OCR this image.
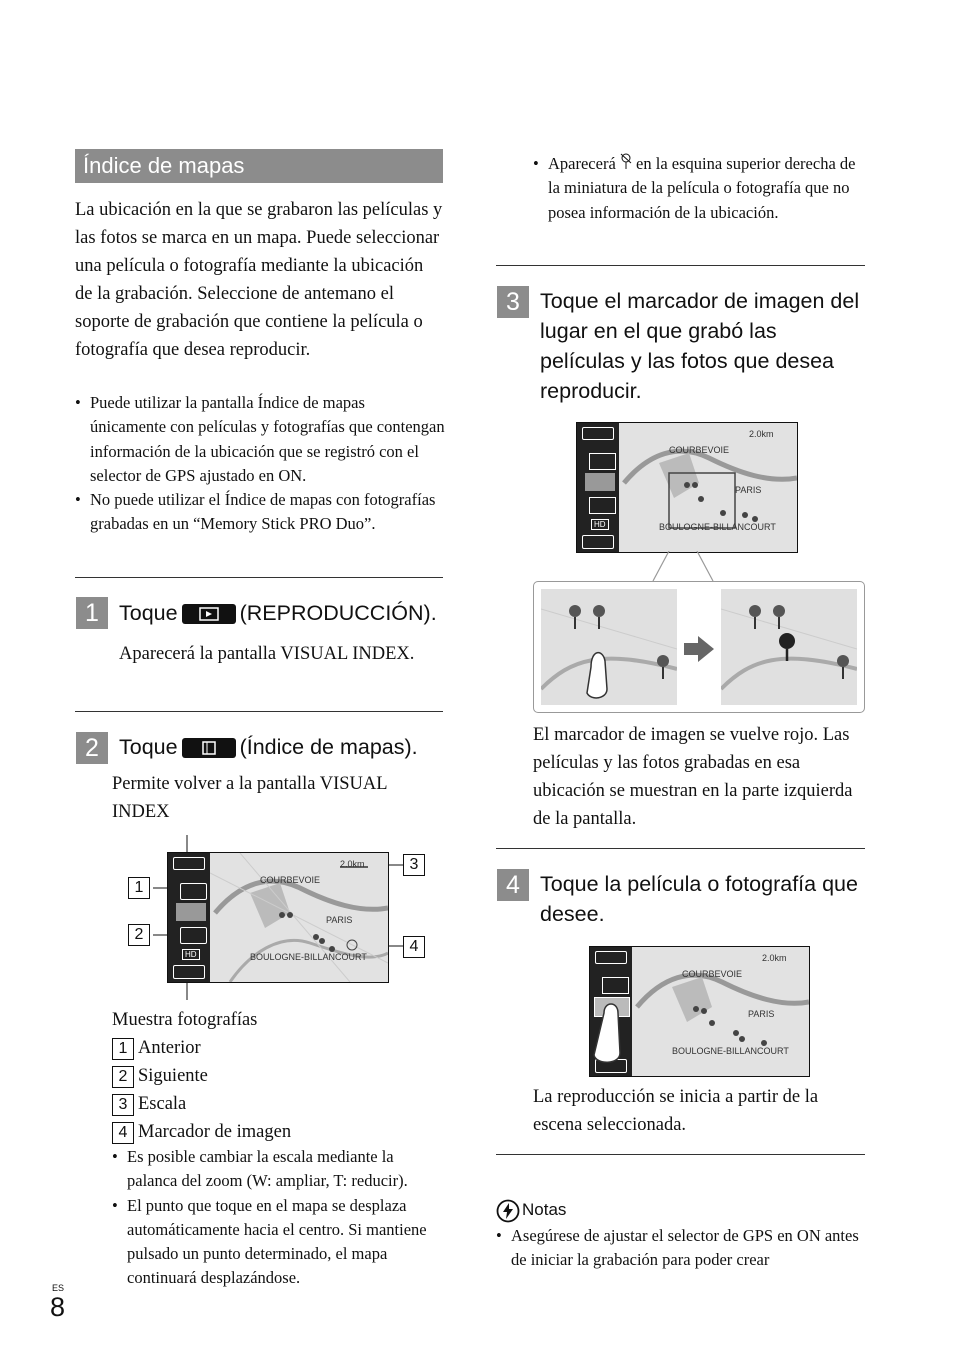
Índice de mapas
La ubicación en la que se grabaron las películas y las fotos se marca en un mapa. Puede seleccionar una película o fotografía mediante la ubicación de la grabación. Seleccione de antemano el soporte de grabación que contiene la película o fotografía que desea reproducir.
• Puede utilizar la pantalla Índice de mapas únicamente con películas y fotografías que contengan información de la ubicación que se registró con el selector de GPS ajustado en ON.
• No puede utilizar el Índice de mapas con fotografías grabadas en un “Memory Stick PRO Duo”.
1 Toque	(REPRODUCCIÓN).
Aparecerá la pantalla VISUAL INDEX.
2 Toque	(Índice de mapas).
Permite volver a la pantalla VISUAL INDEX
HD
2.0km
COURBEVOIE
PARIS
BOULOGNE-BILLANCOURT
1
2
3
4
Muestra fotografías
1 Anterior
2 Siguiente
3 Escala
4 Marcador de imagen
• Es posible cambiar la escala mediante la palanca del zoom (W: ampliar, T: reducir).
• El punto que toque en el mapa se desplaza automáticamente hacia el centro. Si mantiene pulsado un punto determinado, el mapa continuará desplazándose.
ES
8
• Aparecerá en la esquina superior derecha de la miniatura de la película o fotografía que no posea información de la ubicación.
3 Toque el marcador de imagen del lugar en el que grabó las películas y las fotos que desea reproducir.
HD
2.0km
COURBEVOIE
PARIS
BOULOGNE-BILLANCOURT
El marcador de imagen se vuelve rojo. Las películas y las fotos grabadas en esa ubicación se muestran en la parte izquierda de la pantalla.
4 Toque la película o fotografía que desee.
2.0km
COURBEVOIE
PARIS
BOULOGNE-BILLANCOURT
La reproducción se inicia a partir de la escena seleccionada.
Notas
• Asegúrese de ajustar el selector de GPS en ON antes de iniciar la grabación para poder crear
